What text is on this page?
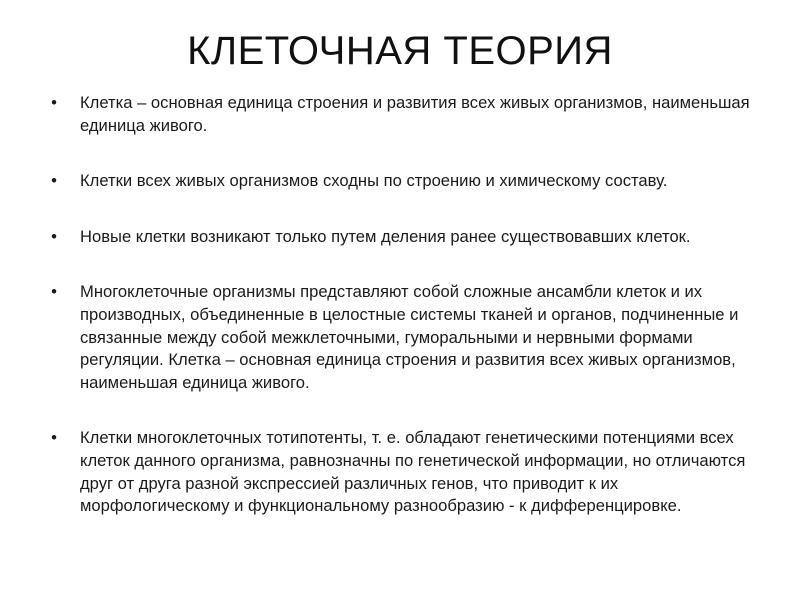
КЛЕТОЧНАЯ ТЕОРИЯ
• Клетка – основная единица строения и развития всех живых организмов, наименьшая единица живого.
• Клетки всех живых организмов сходны по строению и химическому составу.
• Новые клетки возникают только путем деления ранее существовавших клеток.
• Многоклеточные организмы представляют собой сложные ансамбли клеток и их производных, объединенные в целостные системы тканей и органов, подчиненные и связанные между собой межклеточными, гуморальными и нервными формами регуляции. Клетка – основная единица строения и развития всех живых организмов, наименьшая единица живого.
• Клетки многоклеточных тотипотенты, т. е. обладают генетическими потенциями всех клеток данного организма, равнозначны по генетической информации, но отличаются друг от друга разной экспрессией различных генов, что приводит к их морфологическому и функциональному разнообразию - к дифференцировке.
